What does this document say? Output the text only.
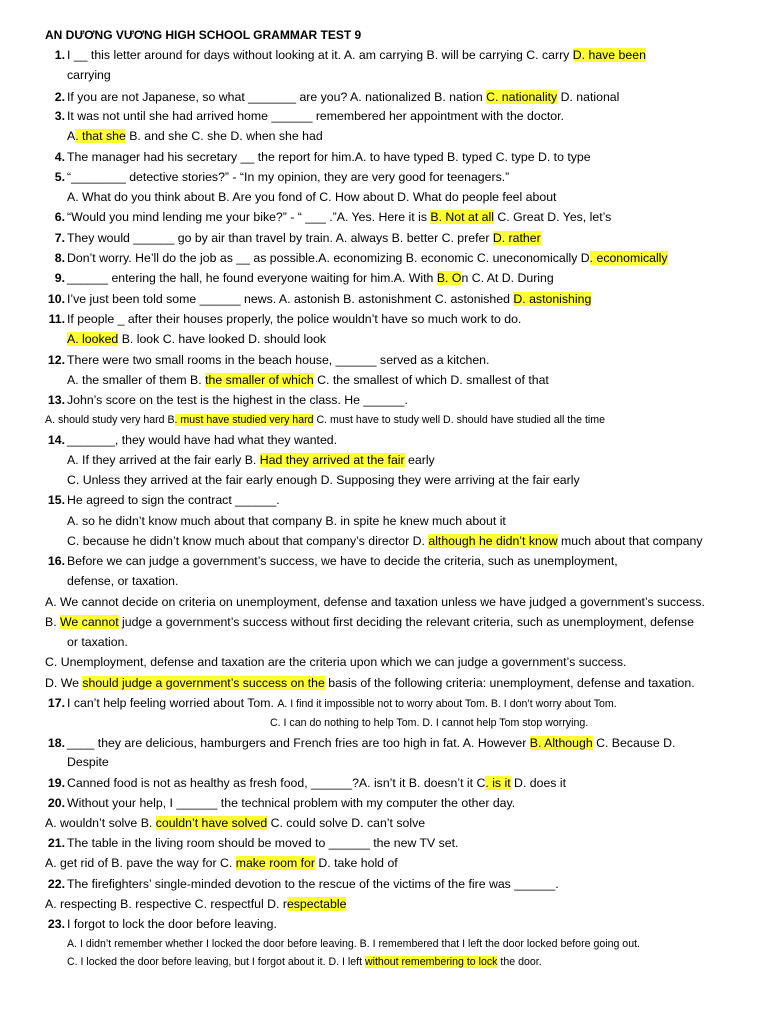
AN DƯƠNG VƯƠNG HIGH SCHOOL GRAMMAR TEST 9
1. I __ this letter around for days without looking at it. A. am carrying B. will be carrying C. carry D. have been
carrying
2. If you are not Japanese, so what _______ are you? A. nationalized B. nation C. nationality D. national
3. It was not until she had arrived home ______ remembered her appointment with the doctor.
A. that she B. and she C. she D. when she had
4. The manager had his secretary __ the report for him.A. to have typed B. typed C. type D. to type
5. “________ detective stories?” - “In my opinion, they are very good for teenagers.”
A. What do you think about B. Are you fond of C. How about D. What do people feel about
6. “Would you mind lending me your bike?” - “ ___ .”A. Yes. Here it is B. Not at all C. Great D. Yes, let’s
7. They would ______ go by air than travel by train. A. always B. better C. prefer D. rather
8. Don’t worry. He’ll do the job as __ as possible.A. economizing B. economic C. uneconomically D. economically
9. ______ entering the hall, he found everyone waiting for him.A. With B. On C. At D. During
10. I’ve just been told some ______ news. A. astonish B. astonishment C. astonished D. astonishing
11. If people _ after their houses properly, the police wouldn’t have so much work to do.
A. looked B. look C. have looked D. should look
12. There were two small rooms in the beach house, ______ served as a kitchen.
A. the smaller of them B. the smaller of which C. the smallest of which D. smallest of that
13. John’s score on the test is the highest in the class. He ______.
A. should study very hard B. must have studied very hard C. must have to study well D. should have studied all the time
14. _______, they would have had what they wanted.
A. If they arrived at the fair early B. Had they arrived at the fair early
C. Unless they arrived at the fair early enough D. Supposing they were arriving at the fair early
15. He agreed to sign the contract ______.
A. so he didn’t know much about that company B. in spite he knew much about it
C. because he didn’t know much about that company’s director D. although he didn’t know much about that company
16. Before we can judge a government’s success, we have to decide the criteria, such as unemployment,
defense, or taxation.
A. We cannot decide on criteria on unemployment, defense and taxation unless we have judged a government’s success.
B. We cannot judge a government’s success without first deciding the relevant criteria, such as unemployment, defense
or taxation.
C. Unemployment, defense and taxation are the criteria upon which we can judge a government’s success.
D. We should judge a government’s success on the basis of the following criteria: unemployment, defense and taxation.
17. I can’t help feeling worried about Tom. A. I find it impossible not to worry about Tom. B. I don’t worry about Tom.
C. I can do nothing to help Tom. D. I cannot help Tom stop worrying.
18. ____ they are delicious, hamburgers and French fries are too high in fat. A. However B. Although C. Because D.
Despite
19. Canned food is not as healthy as fresh food, ______?A. isn’t it B. doesn’t it C. is it D. does it
20. Without your help, I ______ the technical problem with my computer the other day.
A. wouldn’t solve B. couldn’t have solved C. could solve D. can’t solve
21. The table in the living room should be moved to ______ the new TV set.
A. get rid of B. pave the way for C. make room for D. take hold of
22. The firefighters’ single-minded devotion to the rescue of the victims of the fire was ______.
A. respecting B. respective C. respectful D. respectable
23. I forgot to lock the door before leaving.
A. I didn’t remember whether I locked the door before leaving. B. I remembered that I left the door locked before going out.
C. I locked the door before leaving, but I forgot about it. D. I left without remembering to lock the door.
